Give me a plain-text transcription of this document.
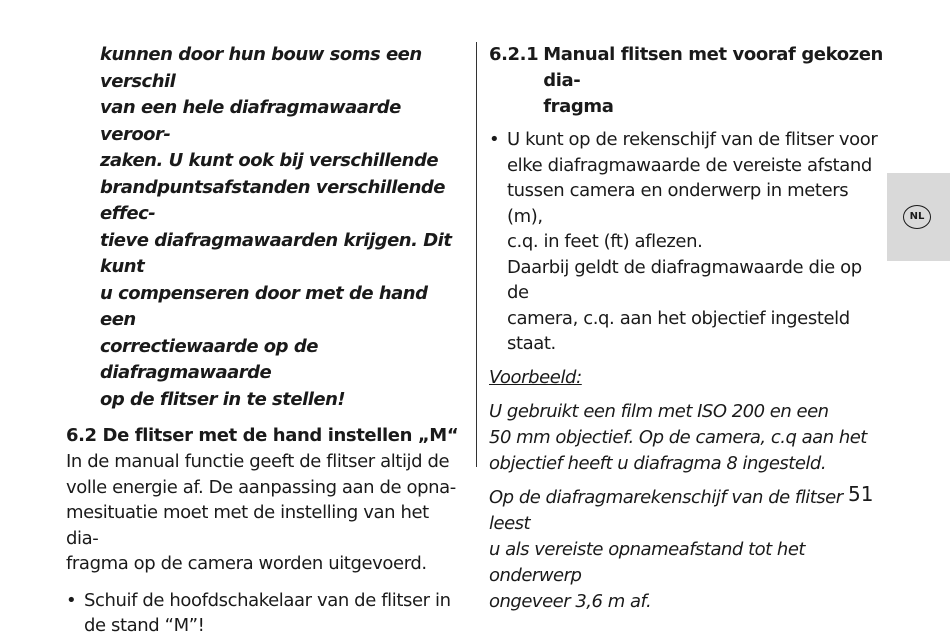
kunnen door hun bouw soms een verschil
van een hele diafragmawaarde veroor-
zaken. U kunt ook bij verschillende
brandpuntsafstanden verschillende effec-
tieve diafragmawaarden krijgen. Dit kunt
u compenseren door met de hand een
correctiewaarde op de diafragmawaarde
op de flitser in te stellen!

6.2 De flitser met de hand instellen „M“

In de manual functie geeft de flitser altijd de
volle energie af. De aanpassing aan de opna-
mesituatie moet met de instelling van het dia-
fragma op de camera worden uitgevoerd.

• Schuif de hoofdschakelaar van de flitser in
de stand “M”!
6.2.1 Manual flitsen met vooraf gekozen dia-
fragma
• U kunt op de rekenschijf van de flitser voor
elke diafragmawaarde de vereiste afstand
tussen camera en onderwerp in meters (m),
c.q. in feet (ft) aflezen.
Daarbij geldt de diafragmawaarde die op de
camera, c.q. aan het objectief ingesteld staat.

Voorbeeld:

U gebruikt een film met ISO 200 en een
50 mm objectief. Op de camera, c.q aan het
objectief heeft u diafragma 8 ingesteld.

Op de diafragmarekenschijf van de flitser leest
u als vereiste opnameafstand tot het onderwerp
ongeveer 3,6 m af.

NL
51
